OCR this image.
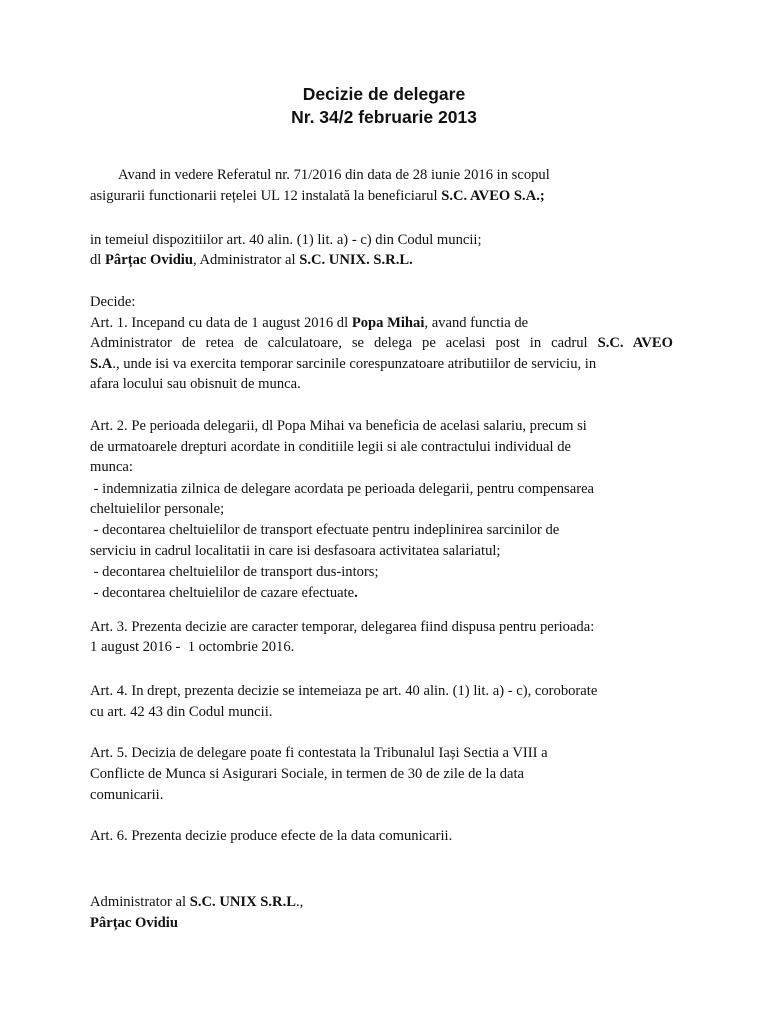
Decizie de delegare
Nr. 34/2 februarie 2013
Avand in vedere Referatul nr. 71/2016 din data de 28 iunie 2016 in scopul
asigurarii functionarii rețelei UL 12 instalată la beneficiarul S.C. AVEO S.A.;
in temeiul dispozitiilor art. 40 alin. (1) lit. a) - c) din Codul muncii;
dl Pârțac Ovidiu, Administrator al S.C. UNIX. S.R.L.
Decide:
Art. 1. Incepand cu data de 1 august 2016 dl Popa Mihai, avand functia de
Administrator de retea de calculatoare, se delega pe acelasi post in cadrul S.C. AVEO
S.A., unde isi va exercita temporar sarcinile corespunzatoare atributiilor de serviciu, in
afara locului sau obisnuit de munca.
Art. 2. Pe perioada delegarii, dl Popa Mihai va beneficia de acelasi salariu, precum si
de urmatoarele drepturi acordate in conditiile legii si ale contractului individual de
munca:
- indemnizatia zilnica de delegare acordata pe perioada delegarii, pentru compensarea
cheltuielilor personale;
- decontarea cheltuielilor de transport efectuate pentru indeplinirea sarcinilor de
serviciu in cadrul localitatii in care isi desfasoara activitatea salariatul;
- decontarea cheltuielilor de transport dus-intors;
- decontarea cheltuielilor de cazare efectuate.
Art. 3. Prezenta decizie are caracter temporar, delegarea fiind dispusa pentru perioada:
1 august 2016 -  1 octombrie 2016.
Art. 4. In drept, prezenta decizie se intemeiaza pe art. 40 alin. (1) lit. a) - c), coroborate
cu art. 42 43 din Codul muncii.
Art. 5. Decizia de delegare poate fi contestata la Tribunalul Iași Sectia a VIII a
Conflicte de Munca si Asigurari Sociale, in termen de 30 de zile de la data
comunicarii.
Art. 6. Prezenta decizie produce efecte de la data comunicarii.
Administrator al S.C. UNIX S.R.L.,
Pârțac Ovidiu
